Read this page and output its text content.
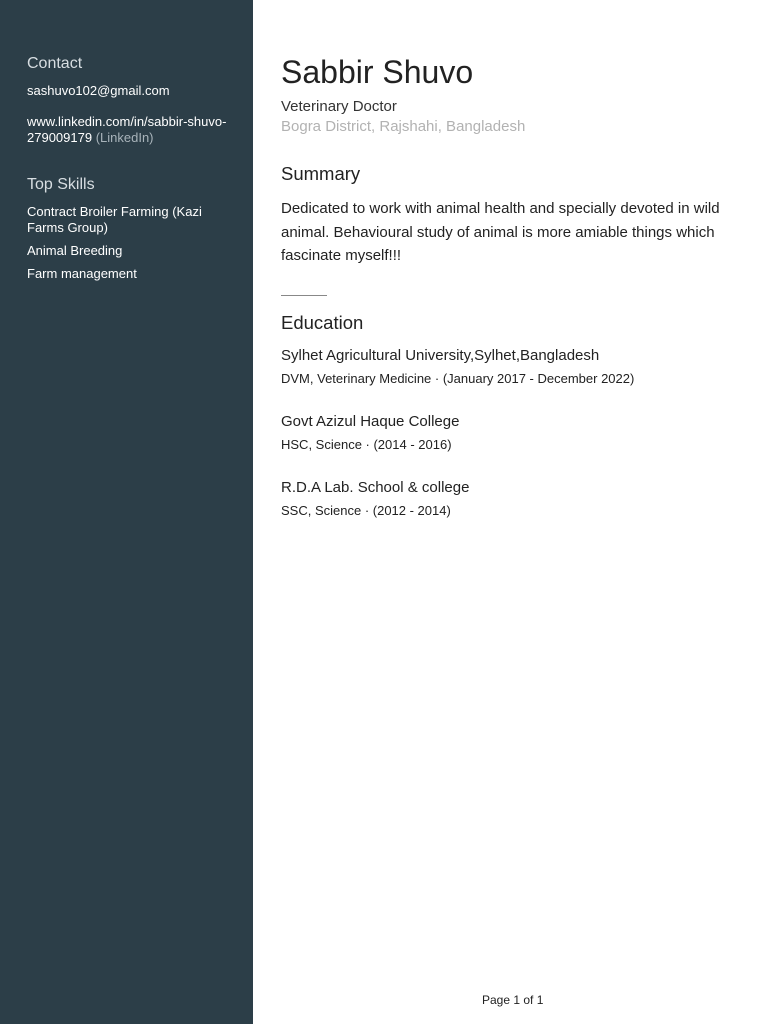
Contact
sashuvo102@gmail.com
www.linkedin.com/in/sabbir-shuvo-279009179 (LinkedIn)
Top Skills
Contract Broiler Farming (Kazi Farms Group)
Animal Breeding
Farm management
Sabbir Shuvo
Veterinary Doctor
Bogra District, Rajshahi, Bangladesh
Summary
Dedicated to work with animal health and specially devoted in wild animal. Behavioural study of animal is more amiable things which fascinate myself!!!
Education
Sylhet Agricultural University,Sylhet,Bangladesh
DVM, Veterinary Medicine · (January 2017 - December 2022)
Govt Azizul Haque College
HSC, Science · (2014 - 2016)
R.D.A Lab. School & college
SSC, Science · (2012 - 2014)
Page 1 of 1
